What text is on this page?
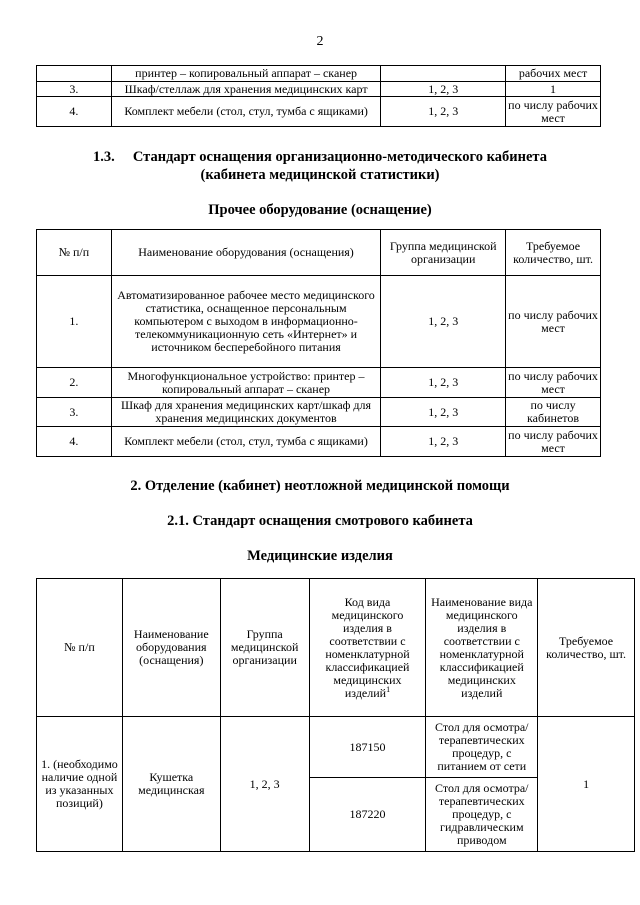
2
	принтер – копировальный аппарат – сканер		рабочих мест
3.	Шкаф/стеллаж для хранения медицинских карт	1, 2, 3	1
4.	Комплект мебели (стол, стул, тумба с ящиками)	1, 2, 3	по числу рабочих мест
1.3. Стандарт оснащения организационно-методического кабинета
(кабинета медицинской статистики)
Прочее оборудование (оснащение)
№ п/п	Наименование оборудования (оснащения)	Группа медицинской организации	Требуемое количество, шт.
1.	Автоматизированное рабочее место медицинского статистика, оснащенное персональным компьютером с выходом в информационно-телекоммуникационную сеть «Интернет» и источником бесперебойного питания	1, 2, 3	по числу рабочих мест
2.	Многофункциональное устройство: принтер – копировальный аппарат – сканер	1, 2, 3	по числу рабочих мест
3.	Шкаф для хранения медицинских карт/шкаф для хранения медицинских документов	1, 2, 3	по числу кабинетов
4.	Комплект мебели (стол, стул, тумба с ящиками)	1, 2, 3	по числу рабочих мест
2. Отделение (кабинет) неотложной медицинской помощи
2.1. Стандарт оснащения смотрового кабинета
Медицинские изделия
№ п/п	Наименование оборудования (оснащения)	Группа медицинской организации	Код вида медицинского изделия в соответствии с номенклатурной классификацией медицинских изделий$^1$	Наименование вида медицинского изделия в соответствии с номенклатурной классификацией медицинских изделий	Требуемое количество, шт.
1. (необходимо наличие одной из указанных позиций)	Кушетка медицинская	1, 2, 3	187150	Стол для осмотра/ терапевтических процедур, с питанием от сети	1
			187220	Стол для осмотра/ терапевтических процедур, с гидравлическим приводом	
